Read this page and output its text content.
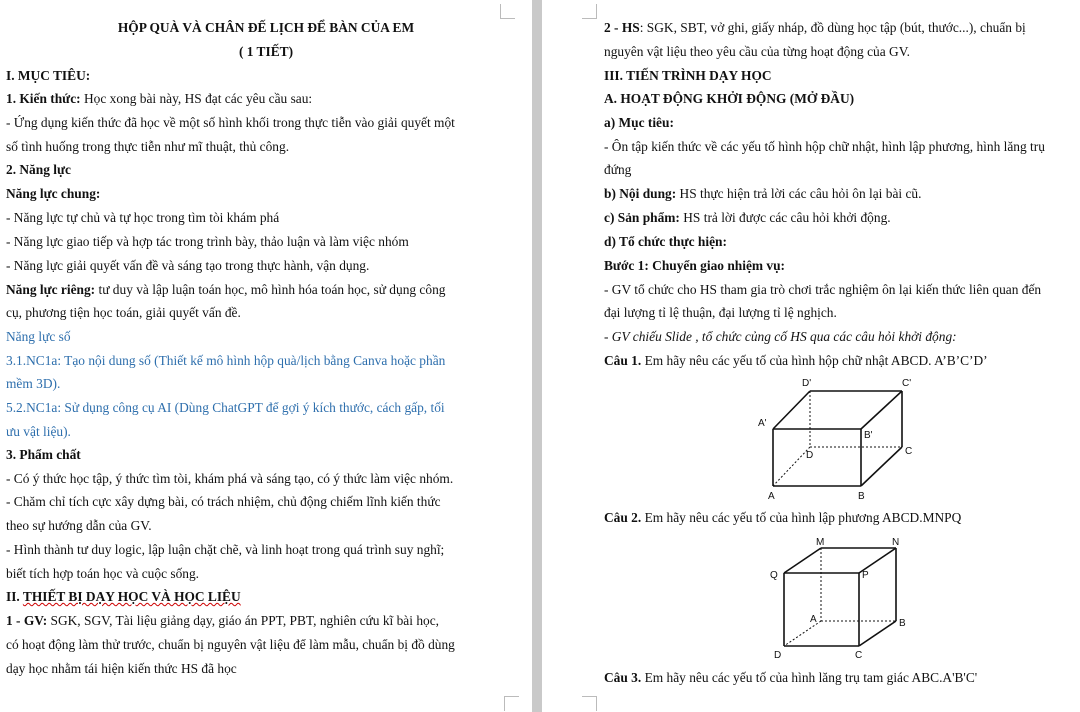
HỘP QUÀ VÀ CHÂN ĐẾ LỊCH ĐỂ BÀN CỦA EM
( 1 TIẾT)
I. MỤC TIÊU:
1. Kiến thức: Học xong bài này, HS đạt các yêu cầu sau:
- Ứng dụng kiến thức đã học về một số hình khối trong thực tiễn vào giải quyết một
số tình huống trong thực tiễn như mĩ thuật, thủ công.
2. Năng lực
Năng lực chung:
- Năng lực tự chủ và tự học trong tìm tòi khám phá
- Năng lực giao tiếp và hợp tác trong trình bày, thảo luận và làm việc nhóm
- Năng lực giải quyết vấn đề và sáng tạo trong thực hành, vận dụng.
Năng lực riêng: tư duy và lập luận toán học, mô hình hóa toán học, sử dụng công
cụ, phương tiện học toán, giải quyết vấn đề.
Năng lực số
3.1.NC1a: Tạo nội dung số (Thiết kế mô hình hộp quà/lịch bằng Canva hoặc phần
mềm 3D).
5.2.NC1a: Sử dụng công cụ AI (Dùng ChatGPT để gợi ý kích thước, cách gấp, tối
ưu vật liệu).
3. Phẩm chất
- Có ý thức học tập, ý thức tìm tòi, khám phá và sáng tạo, có ý thức làm việc nhóm.
- Chăm chỉ tích cực xây dựng bài, có trách nhiệm, chủ động chiếm lĩnh kiến thức
theo sự hướng dẫn của GV.
- Hình thành tư duy logic, lập luận chặt chẽ, và linh hoạt trong quá trình suy nghĩ;
biết tích hợp toán học và cuộc sống.
II. THIẾT BỊ DẠY HỌC VÀ HỌC LIỆU
1 - GV: SGK, SGV, Tài liệu giảng dạy, giáo án PPT, PBT, nghiên cứu kĩ bài học,
có hoạt động làm thử trước, chuẩn bị nguyên vật liệu để làm mẫu, chuẩn bị đồ dùng
dạy học nhằm tái hiện kiến thức HS đã học
2 - HS: SGK, SBT, vở ghi, giấy nháp, đồ dùng học tập (bút, thước...), chuẩn bị
nguyên vật liệu theo yêu cầu của từng hoạt động của GV.
III. TIẾN TRÌNH DẠY HỌC
A. HOẠT ĐỘNG KHỞI ĐỘNG (MỞ ĐẦU)
a) Mục tiêu:
- Ôn tập kiến thức về các yếu tố hình hộp chữ nhật, hình lập phương, hình lăng trụ
đứng
b) Nội dung: HS thực hiện trả lời các câu hỏi ôn lại bài cũ.
c) Sản phẩm: HS trả lời được các câu hỏi khởi động.
d) Tổ chức thực hiện:
Bước 1: Chuyển giao nhiệm vụ:
- GV tổ chức cho HS tham gia trò chơi trắc nghiệm ôn lại kiến thức liên quan đến
đại lượng tỉ lệ thuận, đại lượng tỉ lệ nghịch.
- GV chiếu Slide , tổ chức củng cố HS qua các câu hỏi khởi động:
Câu 1. Em hãy nêu các yếu tố của hình hộp chữ nhật ABCD. A’B’C’D’
D'	C'
A'
B'
D	C
A	B
Câu 2. Em hãy nêu các yếu tố của hình lập phương ABCD.MNPQ
M	N
Q	P
A	B
D	C
Câu 3. Em hãy nêu các yếu tố của hình lăng trụ tam giác ABC.A'B'C'
